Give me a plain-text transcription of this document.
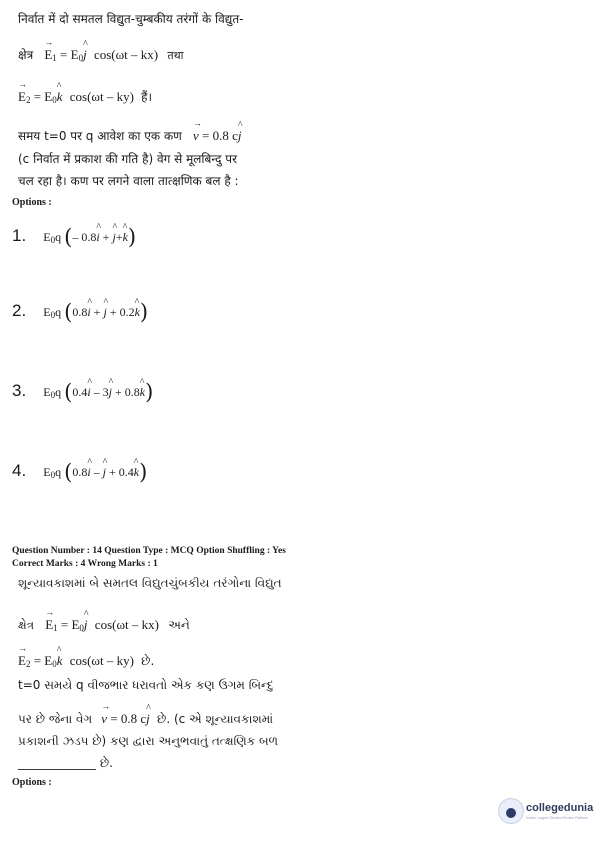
निर्वात में दो समतल विद्युत-चुम्बकीय तरंगों के विद्युत-
क्षेत्र → $E_1$ = $E_0\^{}$ j cos(ωt – kx) तथा
→ $E_2$ = $E_0\^{}$ k cos(ωt – ky) हैं।
समय t=0 पर q आवेश का एक कण → v = 0.8 c^ j
(c निर्वात में प्रकाश की गति है) वेग से मूलबिन्दु पर
चल रहा है। कण पर लगने वाला तात्क्षणिक बल है :
Options :
1. $E_0q$ (– 0.8^ i + ^ j+^ k)
2. $E_0q$ (0.8^ i + ^ j + 0.2^ k)
3. $E_0q$ (0.4^ i – 3^ j + 0.8^ k)
4. $E_0q$ (0.8^ i – ^ j + 0.4^ k)
Question Number : 14 Question Type : MCQ Option Shuffling : Yes
Correct Marks : 4 Wrong Marks : 1
શૂન્યાવકાશમાં બે સમતલ વિદ્યુતચુંબકીય તરંગોના વિદ્યુત
ક્ષેત્ર → $E_1$ = $E_0\^{}$ j cos(ωt – kx) અને
→ $E_2$ = $E_0\^{}$ k cos(ωt – ky) છે.
t=0 સમયે q વીજભાર ધરાવતો એક કણ ઉગમ બિન્દુ
પર છે જેના વેગ → v = 0.8 c^ j છે. (c એ શૂન્યાવકાશમાં
પ્રકાશની ઝડપ છે) કણ દ્વારા અનુભવાતું તત્ક્ષણિક બળ
_____________ છે.
Options :
collegedunia
India's Largest Student Review Platform
